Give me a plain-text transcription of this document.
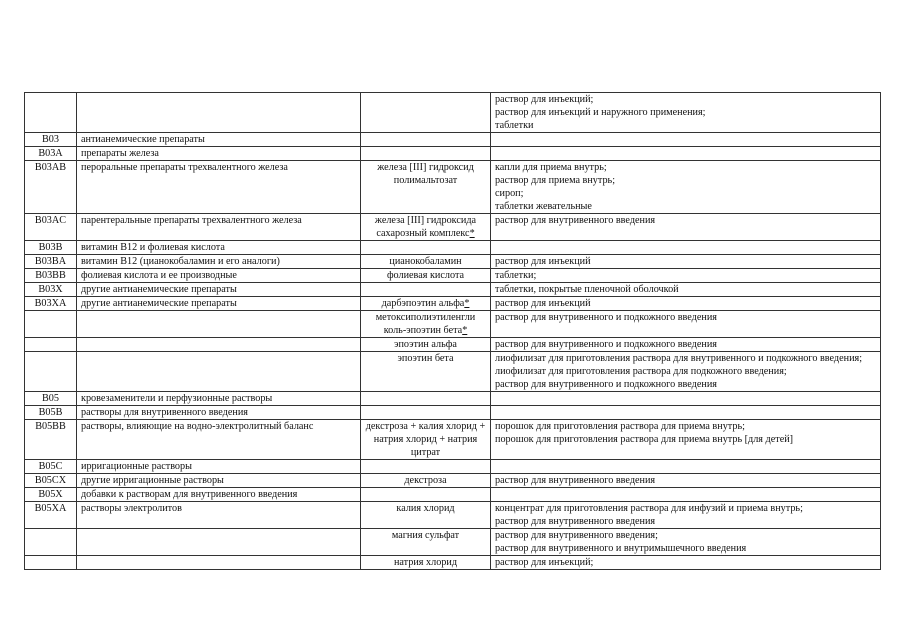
			раствор для инъекций;
раствор для инъекций и наружного применения;
таблетки
B03	антианемические препараты		
B03A	препараты железа		
B03AB	пероральные препараты трехвалентного железа	железа [III] гидроксид полимальтозат	капли для приема внутрь;
раствор для приема внутрь;
сироп;
таблетки жевательные
B03AC	парентеральные препараты трехвалентного железа	железа [III] гидроксида сахарозный комплекс*	раствор для внутривенного введения
B03B	витамин B12 и фолиевая кислота		
B03BA	витамин B12 (цианокобаламин и его аналоги)	цианокобаламин	раствор для инъекций
B03BB	фолиевая кислота и ее производные	фолиевая кислота	таблетки;
B03X	другие антианемические препараты		таблетки, покрытые пленочной оболочкой
B03XA	другие антианемические препараты	дарбэпоэтин альфа*	раствор для инъекций
		метоксиполиэтиленгли коль-эпоэтин бета*	раствор для внутривенного и подкожного введения
		эпоэтин альфа	раствор для внутривенного и подкожного введения
		эпоэтин бета	лиофилизат для приготовления раствора для внутривенного и подкожного введения;
лиофилизат для приготовления раствора для подкожного введения;
раствор для внутривенного и подкожного введения
B05	кровезаменители и перфузионные растворы		
B05B	растворы для внутривенного введения		
B05BB	растворы, влияющие на водно-электролитный баланс	декстроза + калия хлорид + натрия хлорид + натрия цитрат	порошок для приготовления раствора для приема внутрь;
порошок для приготовления раствора для приема внутрь [для детей]
B05C	ирригационные растворы		
B05CX	другие ирригационные растворы	декстроза	раствор для внутривенного введения
B05X	добавки к растворам для внутривенного введения		
B05XA	растворы электролитов	калия хлорид	концентрат для приготовления раствора для инфузий и приема внутрь;
раствор для внутривенного введения
		магния сульфат	раствор для внутривенного введения;
раствор для внутривенного и внутримышечного введения
		натрия хлорид	раствор для инъекций;
